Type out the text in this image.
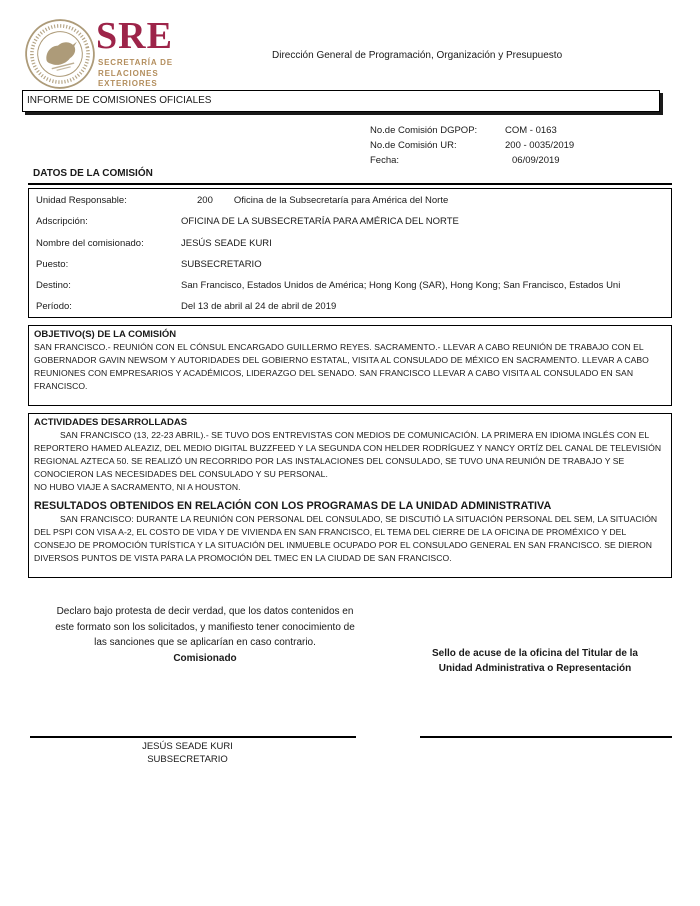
SRE
SECRETARÍA DE
RELACIONES
EXTERIORES
Dirección General de Programación, Organización y Presupuesto
INFORME DE COMISIONES OFICIALES
No.de Comisión DGPOP:	COM - 0163
No.de Comisión UR:	200 - 0035/2019
Fecha:	06/09/2019
DATOS DE LA COMISIÓN
Unidad Responsable:	200 Oficina de la Subsecretaría para América del Norte
Adscripción:	OFICINA DE LA SUBSECRETARÍA PARA AMÉRICA DEL NORTE
Nombre del comisionado:	JESÚS SEADE KURI
Puesto:	SUBSECRETARIO
Destino:	San Francisco, Estados Unidos de América; Hong Kong (SAR), Hong Kong; San Francisco, Estados Uni
Período:	Del 13 de abril al 24 de abril de 2019
OBJETIVO(S) DE LA COMISIÓN
SAN FRANCISCO.- REUNIÓN CON EL CÓNSUL ENCARGADO GUILLERMO REYES. SACRAMENTO.- LLEVAR A CABO REUNIÓN DE TRABAJO CON EL GOBERNADOR GAVIN NEWSOM Y AUTORIDADES DEL GOBIERNO ESTATAL, VISITA AL CONSULADO DE MÉXICO EN SACRAMENTO. LLEVAR A CABO REUNIONES CON EMPRESARIOS Y ACADÉMICOS, LIDERAZGO DEL SENADO. SAN FRANCISCO LLEVAR A CABO VISITA AL CONSULADO EN SAN FRANCISCO.
ACTIVIDADES DESARROLLADAS
SAN FRANCISCO (13, 22-23 ABRIL).- SE TUVO DOS ENTREVISTAS CON MEDIOS DE COMUNICACIÓN. LA PRIMERA EN IDIOMA INGLÉS CON EL REPORTERO HAMED ALEAZIZ, DEL MEDIO DIGITAL BUZZFEED Y LA SEGUNDA CON HELDER RODRÍGUEZ Y NANCY ORTÍZ DEL CANAL DE TELEVISIÓN REGIONAL AZTECA 50. SE REALIZÓ UN RECORRIDO POR LAS INSTALACIONES DEL CONSULADO, SE TUVO UNA REUNIÓN DE TRABAJO Y SE CONOCIERON LAS NECESIDADES DEL CONSULADO Y SU PERSONAL.
NO HUBO VIAJE A SACRAMENTO, NI A HOUSTON.
RESULTADOS OBTENIDOS EN RELACIÓN CON LOS PROGRAMAS DE LA UNIDAD ADMINISTRATIVA
SAN FRANCISCO: DURANTE LA REUNIÓN CON PERSONAL DEL CONSULADO, SE DISCUTIÓ LA SITUACIÓN PERSONAL DEL SEM, LA SITUACIÓN DEL PSPI CON VISA A-2, EL COSTO DE VIDA Y DE VIVIENDA EN SAN FRANCISCO, EL TEMA DEL CIERRE DE LA OFICINA DE PROMÉXICO Y DEL CONSEJO DE PROMOCIÓN TURÍSTICA Y LA SITUACIÓN DEL INMUEBLE OCUPADO POR EL CONSULADO GENERAL EN SAN FRANCISCO. SE DIERON DIVERSOS PUNTOS DE VISTA PARA LA PROMOCIÓN DEL TMEC EN LA CIUDAD DE SAN FRANCISCO.
Declaro bajo protesta de decir verdad, que los datos contenidos en
este formato son los solicitados, y manifiesto tener conocimiento de
las sanciones que se aplicarían en caso contrario.
Comisionado	Sello de acuse de la oficina del Titular de la
Unidad Administrativa o Representación
JESÚS SEADE KURI
SUBSECRETARIO
